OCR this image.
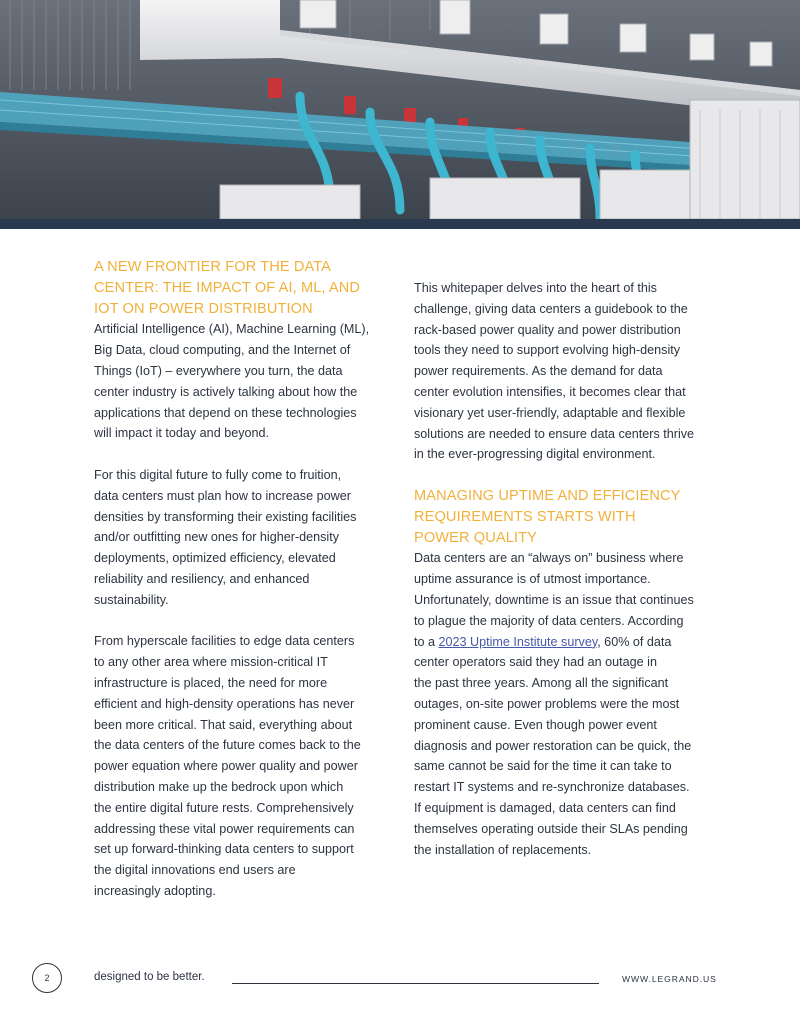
A NEW FRONTIER FOR THE DATA
CENTER: THE IMPACT OF AI, ML, AND
IOT ON POWER DISTRIBUTION
Artificial Intelligence (AI), Machine Learning (ML),
Big Data, cloud computing, and the Internet of
Things (IoT) – everywhere you turn, the data
center industry is actively talking about how the
applications that depend on these technologies
will impact it today and beyond.
For this digital future to fully come to fruition,
data centers must plan how to increase power
densities by transforming their existing facilities
and/or outfitting new ones for higher-density
deployments, optimized efficiency, elevated
reliability and resiliency, and enhanced
sustainability.
From hyperscale facilities to edge data centers
to any other area where mission-critical IT
infrastructure is placed, the need for more
efficient and high-density operations has never
been more critical. That said, everything about
the data centers of the future comes back to the
power equation where power quality and power
distribution make up the bedrock upon which
the entire digital future rests. Comprehensively
addressing these vital power requirements can
set up forward-thinking data centers to support
the digital innovations end users are
increasingly adopting.
This whitepaper delves into the heart of this
challenge, giving data centers a guidebook to the
rack-based power quality and power distribution
tools they need to support evolving high-density
power requirements. As the demand for data
center evolution intensifies, it becomes clear that
visionary yet user-friendly, adaptable and flexible
solutions are needed to ensure data centers thrive
in the ever-progressing digital environment.
MANAGING UPTIME AND EFFICIENCY
REQUIREMENTS STARTS WITH
POWER QUALITY
Data centers are an “always on” business where
uptime assurance is of utmost importance.
Unfortunately, downtime is an issue that continues
to plague the majority of data centers. According
to a 2023 Uptime Institute survey, 60% of data
center operators said they had an outage in
the past three years. Among all the significant
outages, on-site power problems were the most
prominent cause. Even though power event
diagnosis and power restoration can be quick, the
same cannot be said for the time it can take to
restart IT systems and re-synchronize databases.
If equipment is damaged, data centers can find
themselves operating outside their SLAs pending
the installation of replacements.
2	designed to be better.	WWW.LEGRAND.US
